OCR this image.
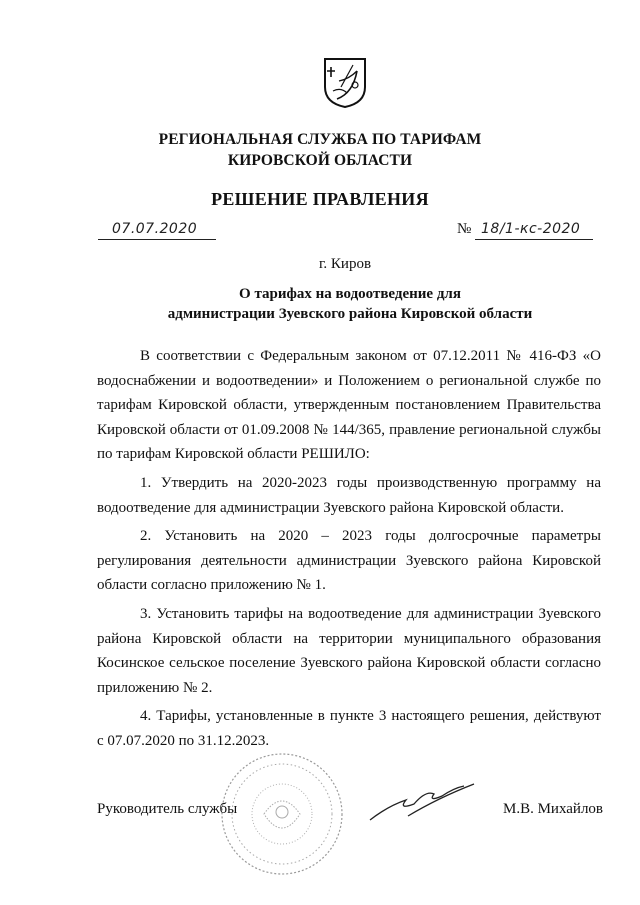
РЕГИОНАЛЬНАЯ СЛУЖБА ПО ТАРИФАМ
КИРОВСКОЙ ОБЛАСТИ
РЕШЕНИЕ ПРАВЛЕНИЯ
07.07.2020	№ 18/1-кс-2020
г. Киров
О тарифах на водоотведение для
администрации Зуевского района Кировской области

В соответствии с Федеральным законом от 07.12.2011 № 416-ФЗ «О водоснабжении и водоотведении» и Положением о региональной службе по тарифам Кировской области, утвержденным постановлением Правительства Кировской области от 01.09.2008 № 144/365, правление региональной службы по тарифам Кировской области РЕШИЛО:

1. Утвердить на 2020-2023 годы производственную программу на водоотведение для администрации Зуевского района Кировской области.

2. Установить на 2020 – 2023 годы долгосрочные параметры регулирования деятельности администрации Зуевского района Кировской области согласно приложению № 1.

3. Установить тарифы на водоотведение для администрации Зуевского района Кировской области на территории муниципального образования Косинское сельское поселение Зуевского района Кировской области согласно приложению № 2.

4. Тарифы, установленные в пункте 3 настоящего решения, действуют с 07.07.2020 по 31.12.2023.

Руководитель службы	М.В. Михайлов
